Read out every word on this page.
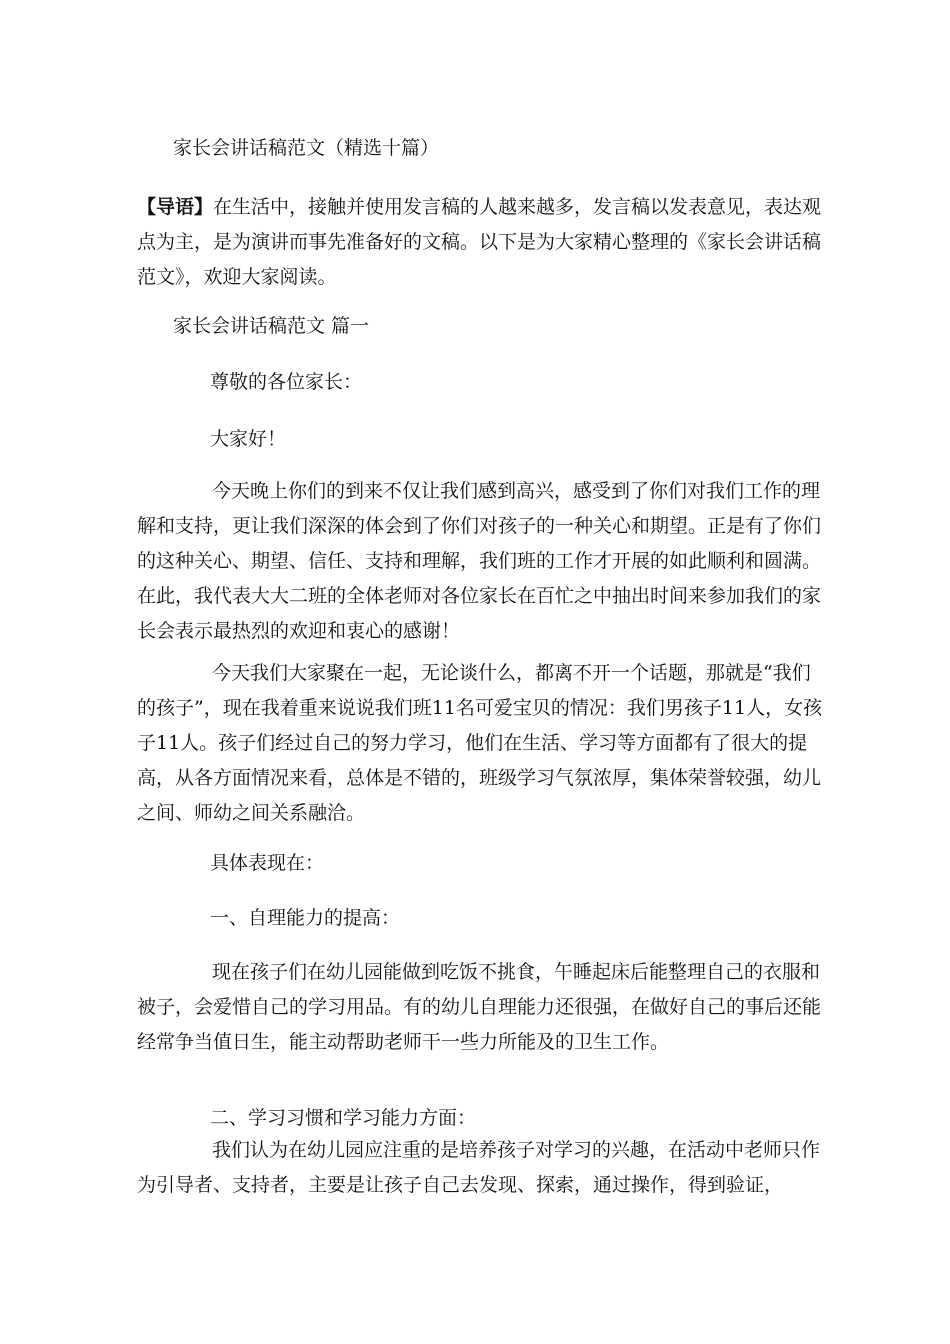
家长会讲话稿范文（精选十篇）

【导语】在生活中，接触并使用发言稿的人越来越多，发言稿以发表意见，表达观点为主，是为演讲而事先准备好的文稿。以下是为大家精心整理的《家长会讲话稿范文》，欢迎大家阅读。

家长会讲话稿范文 篇一

尊敬的各位家长：

大家好！

今天晚上你们的到来不仅让我们感到高兴，感受到了你们对我们工作的理解和支持，更让我们深深的体会到了你们对孩子的一种关心和期望。正是有了你们的这种关心、期望、信任、支持和理解，我们班的工作才开展的如此顺利和圆满。在此，我代表大大二班的全体老师对各位家长在百忙之中抽出时间来参加我们的家长会表示最热烈的欢迎和衷心的感谢！

今天我们大家聚在一起，无论谈什么，都离不开一个话题，那就是“我们的孩子”，现在我着重来说说我们班11名可爱宝贝的情况：我们男孩子11人，女孩子11人。孩子们经过自己的努力学习，他们在生活、学习等方面都有了很大的提高，从各方面情况来看，总体是不错的，班级学习气氛浓厚，集体荣誉较强，幼儿之间、师幼之间关系融洽。

具体表现在：

一、自理能力的提高：

现在孩子们在幼儿园能做到吃饭不挑食，午睡起床后能整理自己的衣服和被子，会爱惜自己的学习用品。有的幼儿自理能力还很强，在做好自己的事后还能经常争当值日生，能主动帮助老师干一些力所能及的卫生工作。

二、学习习惯和学习能力方面：

我们认为在幼儿园应注重的是培养孩子对学习的兴趣，在活动中老师只作为引导者、支持者，主要是让孩子自己去发现、探索，通过操作，得到验证，
